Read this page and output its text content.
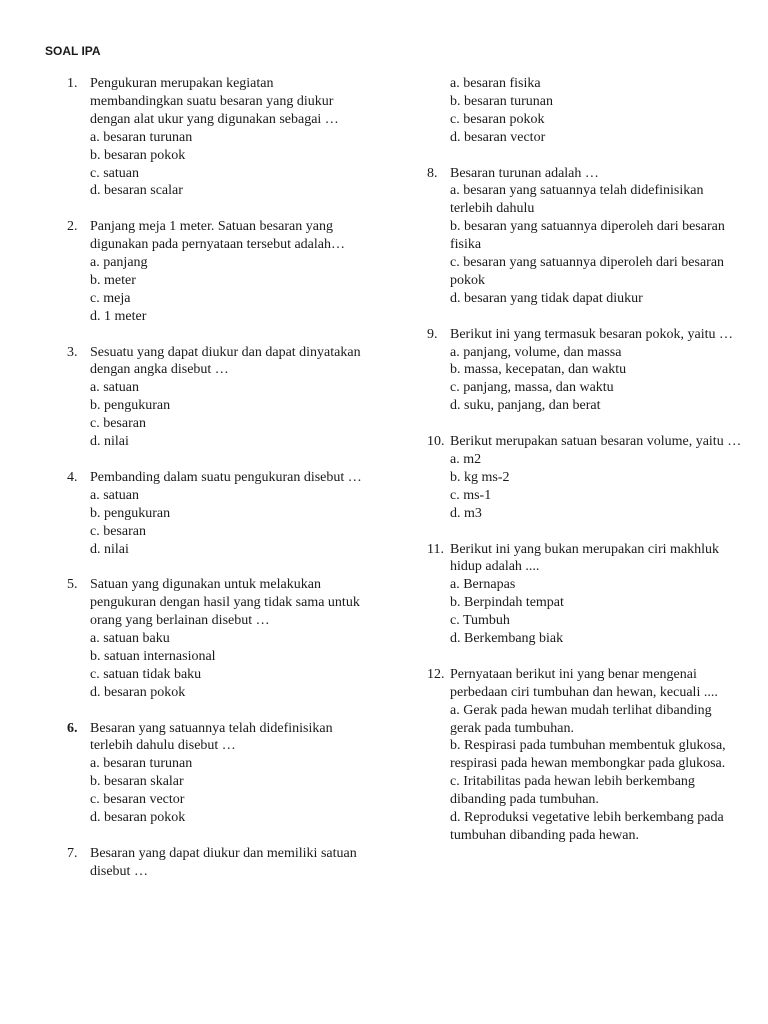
SOAL IPA
1. Pengukuran merupakan kegiatan membandingkan suatu besaran yang diukur dengan alat ukur yang digunakan sebagai …

a. besaran turunan
b. besaran pokok
c. satuan
d. besaran scalar
2. Panjang meja 1 meter. Satuan besaran yang digunakan pada pernyataan tersebut adalah…

a. panjang
b. meter
c. meja
d. 1 meter
3. Sesuatu yang dapat diukur dan dapat dinyatakan dengan angka disebut …

a. satuan
b. pengukuran
c. besaran
d. nilai
4. Pembanding dalam suatu pengukuran disebut …

a. satuan
b. pengukuran
c. besaran
d. nilai
5. Satuan yang digunakan untuk melakukan pengukuran dengan hasil yang tidak sama untuk orang yang berlainan disebut …

a. satuan baku
b. satuan internasional
c. satuan tidak baku
d. besaran pokok
6. Besaran yang satuannya telah didefinisikan terlebih dahulu disebut …

a. besaran turunan
b. besaran skalar
c. besaran vector
d. besaran pokok
7. Besaran yang dapat diukur dan memiliki satuan disebut …

a. besaran fisika
b. besaran turunan
c. besaran pokok
d. besaran vector
8. Besaran turunan adalah …

a. besaran yang satuannya telah didefinisikan terlebih dahulu
b. besaran yang satuannya diperoleh dari besaran fisika
c. besaran yang satuannya diperoleh dari besaran pokok
d. besaran yang tidak dapat diukur
9. Berikut ini yang termasuk besaran pokok, yaitu …

a. panjang, volume, dan massa
b. massa, kecepatan, dan waktu
c. panjang, massa, dan waktu
d. suku, panjang, dan berat
10. Berikut merupakan satuan besaran volume, yaitu …

a. m2
b. kg ms-2
c. ms-1
d. m3
11. Berikut ini yang bukan merupakan ciri makhluk hidup adalah ....

a. Bernapas
b. Berpindah tempat
c. Tumbuh
d. Berkembang biak
12. Pernyataan berikut ini yang benar mengenai perbedaan ciri tumbuhan dan hewan, kecuali ....

a. Gerak pada hewan mudah terlihat dibanding gerak pada tumbuhan.
b. Respirasi pada tumbuhan membentuk glukosa, respirasi pada hewan membongkar pada glukosa.
c. Iritabilitas pada hewan lebih berkembang dibanding pada tumbuhan.
d. Reproduksi vegetative lebih berkembang pada tumbuhan dibanding pada hewan.
